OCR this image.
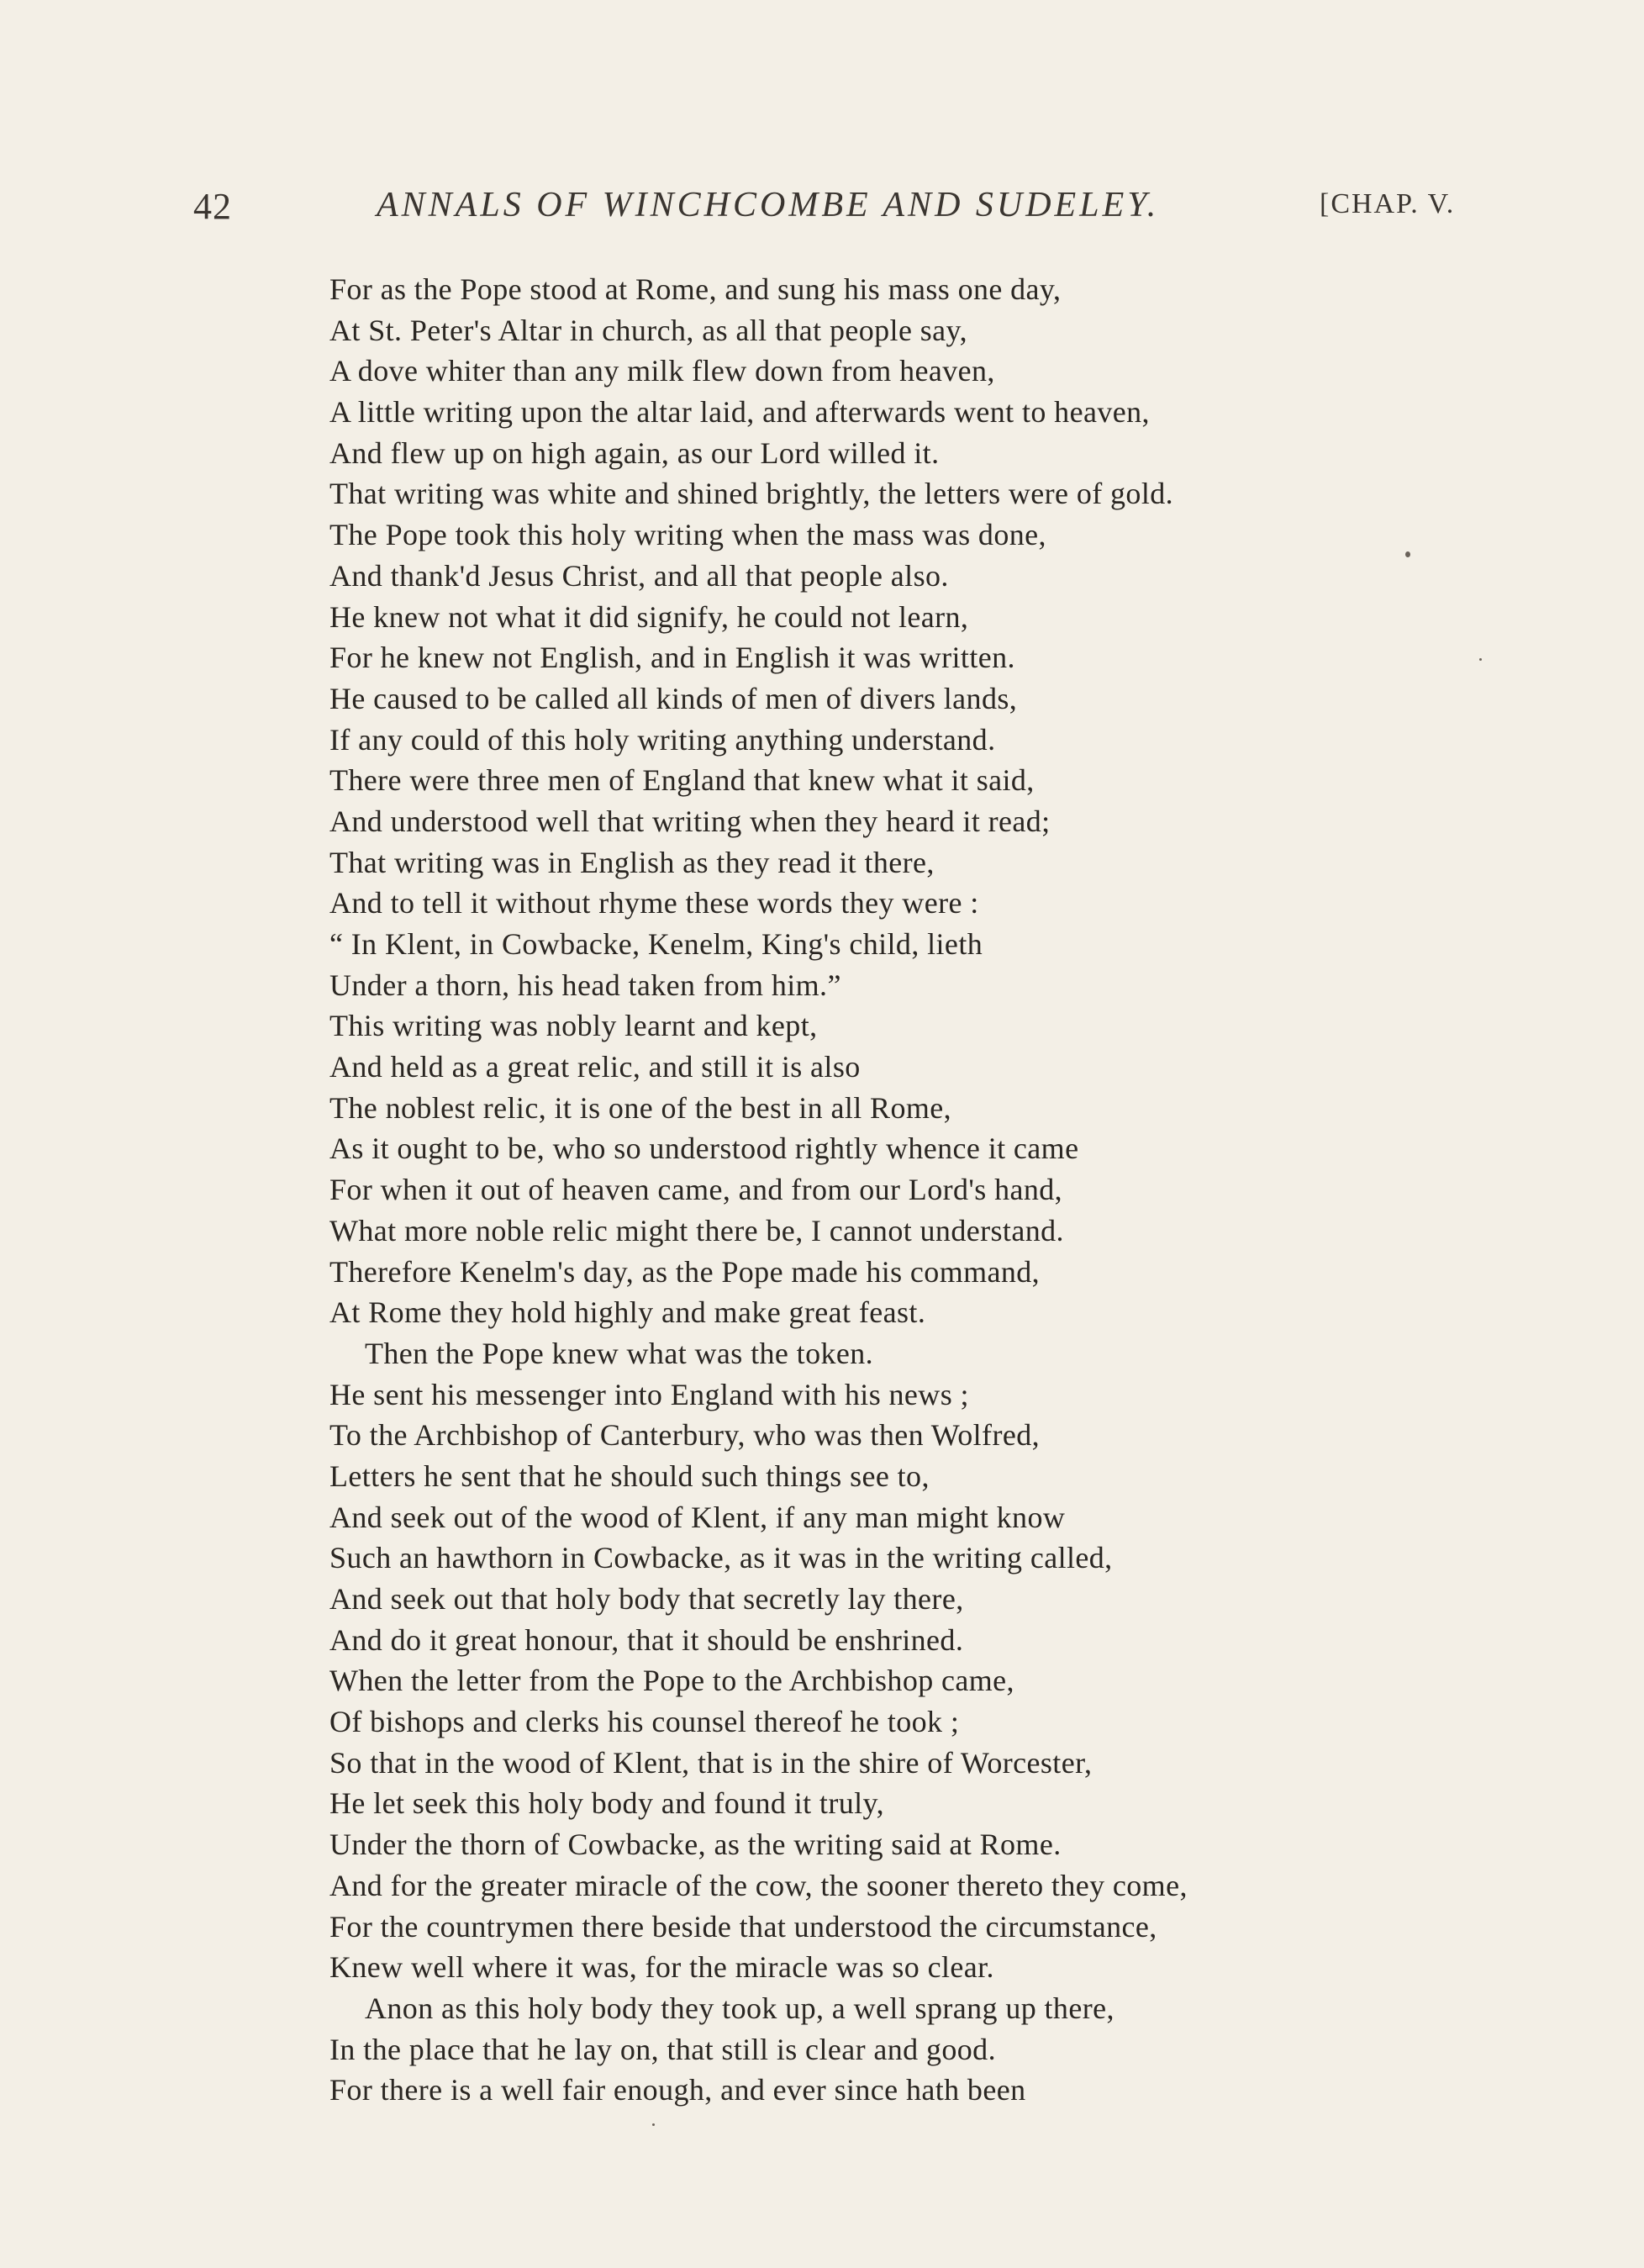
42	ANNALS OF WINCHCOMBE AND SUDELEY.	[CHAP. V.
For as the Pope stood at Rome, and sung his mass one day,
At St. Peter's Altar in church, as all that people say,
A dove whiter than any milk flew down from heaven,
A little writing upon the altar laid, and afterwards went to heaven,
And flew up on high again, as our Lord willed it.
That writing was white and shined brightly, the letters were of gold.
The Pope took this holy writing when the mass was done,
And thank'd Jesus Christ, and all that people also.
He knew not what it did signify, he could not learn,
For he knew not English, and in English it was written.
He caused to be called all kinds of men of divers lands,
If any could of this holy writing anything understand.
There were three men of England that knew what it said,
And understood well that writing when they heard it read;
That writing was in English as they read it there,
And to tell it without rhyme these words they were :
“ In Klent, in Cowbacke, Kenelm, King's child, lieth
Under a thorn, his head taken from him.”
This writing was nobly learnt and kept,
And held as a great relic, and still it is also
The noblest relic, it is one of the best in all Rome,
As it ought to be, who so understood rightly whence it came
For when it out of heaven came, and from our Lord's hand,
What more noble relic might there be, I cannot understand.
Therefore Kenelm's day, as the Pope made his command,
At Rome they hold highly and make great feast.
Then the Pope knew what was the token.
He sent his messenger into England with his news ;
To the Archbishop of Canterbury, who was then Wolfred,
Letters he sent that he should such things see to,
And seek out of the wood of Klent, if any man might know
Such an hawthorn in Cowbacke, as it was in the writing called,
And seek out that holy body that secretly lay there,
And do it great honour, that it should be enshrined.
When the letter from the Pope to the Archbishop came,
Of bishops and clerks his counsel thereof he took ;
So that in the wood of Klent, that is in the shire of Worcester,
He let seek this holy body and found it truly,
Under the thorn of Cowbacke, as the writing said at Rome.
And for the greater miracle of the cow, the sooner thereto they come,
For the countrymen there beside that understood the circumstance,
Knew well where it was, for the miracle was so clear.
Anon as this holy body they took up, a well sprang up there,
In the place that he lay on, that still is clear and good.
For there is a well fair enough, and ever since hath been
